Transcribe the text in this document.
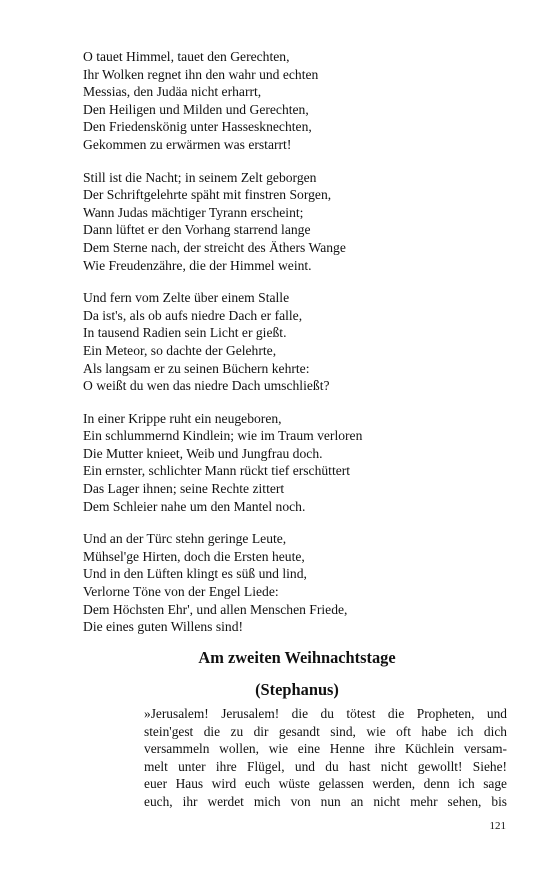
O tauet Himmel, tauet den Gerechten,
Ihr Wolken regnet ihn den wahr und echten
Messias, den Judäa nicht erharrt,
Den Heiligen und Milden und Gerechten,
Den Friedenskönig unter Hassesknechten,
Gekommen zu erwärmen was erstarrt!
Still ist die Nacht; in seinem Zelt geborgen
Der Schriftgelehrte späht mit finstren Sorgen,
Wann Judas mächtiger Tyrann erscheint;
Dann lüftet er den Vorhang starrend lange
Dem Sterne nach, der streicht des Äthers Wange
Wie Freudenzähre, die der Himmel weint.
Und fern vom Zelte über einem Stalle
Da ist's, als ob aufs niedre Dach er falle,
In tausend Radien sein Licht er gießt.
Ein Meteor, so dachte der Gelehrte,
Als langsam er zu seinen Büchern kehrte:
O weißt du wen das niedre Dach umschließt?
In einer Krippe ruht ein neugeboren,
Ein schlummernd Kindlein; wie im Traum verloren
Die Mutter knieet, Weib und Jungfrau doch.
Ein ernster, schlichter Mann rückt tief erschüttert
Das Lager ihnen; seine Rechte zittert
Dem Schleier nahe um den Mantel noch.
Und an der Türc stehn geringe Leute,
Mühsel'ge Hirten, doch die Ersten heute,
Und in den Lüften klingt es süß und lind,
Verlorne Töne von der Engel Liede:
Dem Höchsten Ehr', und allen Menschen Friede,
Die eines guten Willens sind!
Am zweiten Weihnachtstage
(Stephanus)
»Jerusalem! Jerusalem! die du tötest die Propheten, und
stein'gest die zu dir gesandt sind, wie oft habe ich dich
versammeln wollen, wie eine Henne ihre Küchlein versam-
melt unter ihre Flügel, und du hast nicht gewollt! Siehe!
euer Haus wird euch wüste gelassen werden, denn ich sage
euch, ihr werdet mich von nun an nicht mehr sehen, bis
121
